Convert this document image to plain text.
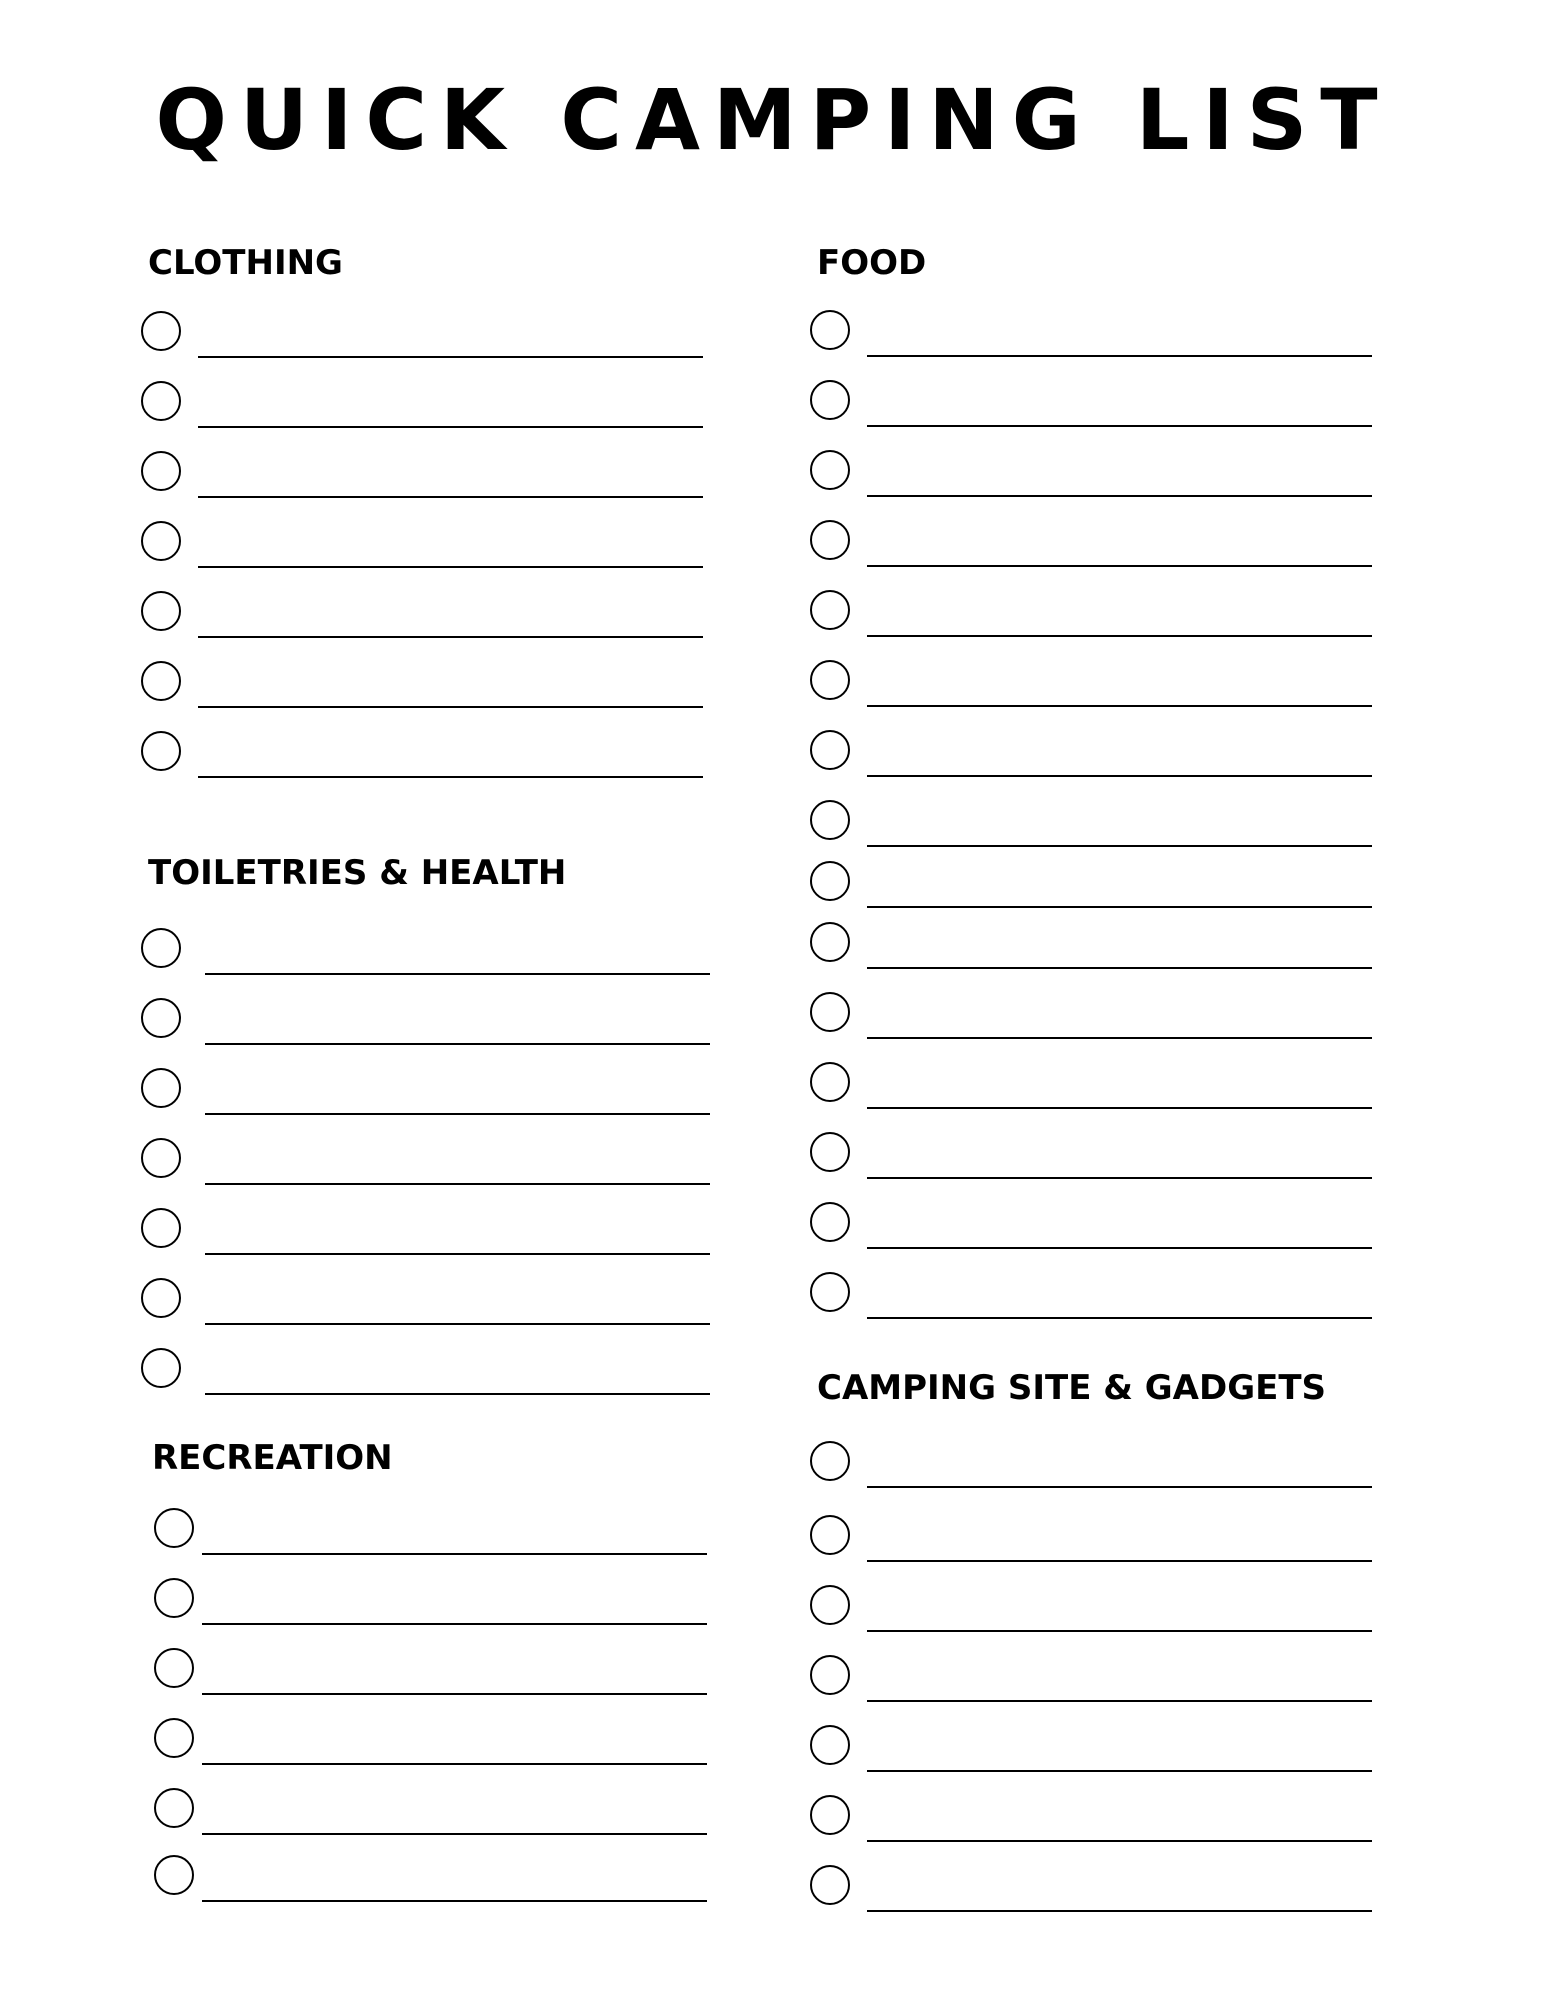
QUICK CAMPING LIST
CLOTHING
TOILETRIES & HEALTH
RECREATION
FOOD
CAMPING SITE & GADGETS
